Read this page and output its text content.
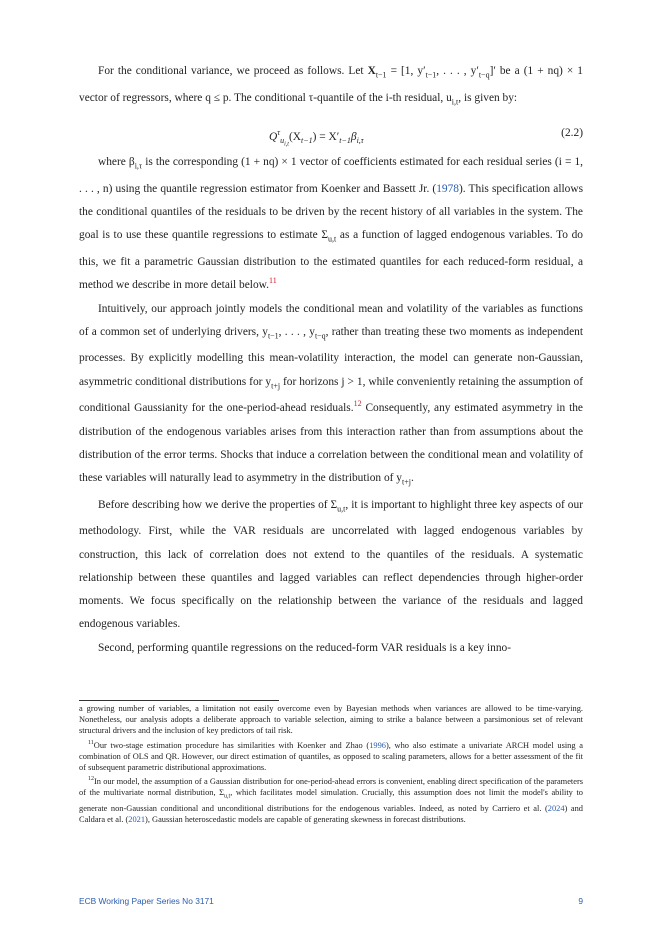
For the conditional variance, we proceed as follows. Let $X_{t-1} = [1$, $y'_{t-1}$, . . . , $y'_{t-q}]'$ be a (1 + nq) × 1 vector of regressors, where q ≤ p. The conditional τ-quantile of the i-th residual, $u_{i,t}$, is given by:

$Q^\tau_{u_{i,t}}(X_{t-1}) = X'_{t-1}\beta_{i,\tau}$
(2.2)

where $\beta_{i,\tau}$ is the corresponding (1 + nq) × 1 vector of coefficients estimated for each residual series (i = 1, . . . , n) using the quantile regression estimator from Koenker and Bassett Jr. (1978). This specification allows the conditional quantiles of the residuals to be driven by the recent history of all variables in the system. The goal is to use these quantile regressions to estimate $\Sigma_{u,t}$ as a function of lagged endogenous variables. To do this, we fit a parametric Gaussian distribution to the estimated quantiles for each reduced-form residual, a method we describe in more detail below.$^{11}$

Intuitively, our approach jointly models the conditional mean and volatility of the variables as functions of a common set of underlying drivers, $y_{t-1}$, . . . , $y_{t-q}$, rather than treating these two moments as independent processes. By explicitly modelling this mean-volatility interaction, the model can generate non-Gaussian, asymmetric conditional distributions for $y_{t+j}$ for horizons j > 1, while conveniently retaining the assumption of conditional Gaussianity for the one-period-ahead residuals.$^{12}$ Consequently, any estimated asymmetry in the distribution of the endogenous variables arises from this interaction rather than from assumptions about the distribution of the error terms. Shocks that induce a correlation between the conditional mean and volatility of these variables will naturally lead to asymmetry in the distribution of $y_{t+j}$.

Before describing how we derive the properties of $\Sigma_{u,t}$, it is important to highlight three key aspects of our methodology. First, while the VAR residuals are uncorrelated with lagged endogenous variables by construction, this lack of correlation does not extend to the quantiles of the residuals. A systematic relationship between these quantiles and lagged variables can reflect dependencies through higher-order moments. We focus specifically on the relationship between the variance of the residuals and lagged endogenous variables.

Second, performing quantile regressions on the reduced-form VAR residuals is a key inno-

a growing number of variables, a limitation not easily overcome even by Bayesian methods when variances are allowed to be time-varying. Nonetheless, our analysis adopts a deliberate approach to variable selection, aiming to strike a balance between a parsimonious set of relevant structural drivers and the inclusion of key predictors of tail risk.

$^{11}$Our two-stage estimation procedure has similarities with Koenker and Zhao (1996), who also estimate a univariate ARCH model using a combination of OLS and QR. However, our direct estimation of quantiles, as opposed to scaling parameters, allows for a better assessment of the fit of subsequent parametric distributional approximations.

$^{12}$In our model, the assumption of a Gaussian distribution for one-period-ahead errors is convenient, enabling direct specification of the parameters of the multivariate normal distribution, $\Sigma_{u,t}$, which facilitates model simulation. Crucially, this assumption does not limit the model's ability to generate non-Gaussian conditional and unconditional distributions for the endogenous variables. Indeed, as noted by Carriero et al. (2024) and Caldara et al. (2021), Gaussian heteroscedastic models are capable of generating skewness in forecast distributions.

ECB Working Paper Series No 3171	9
